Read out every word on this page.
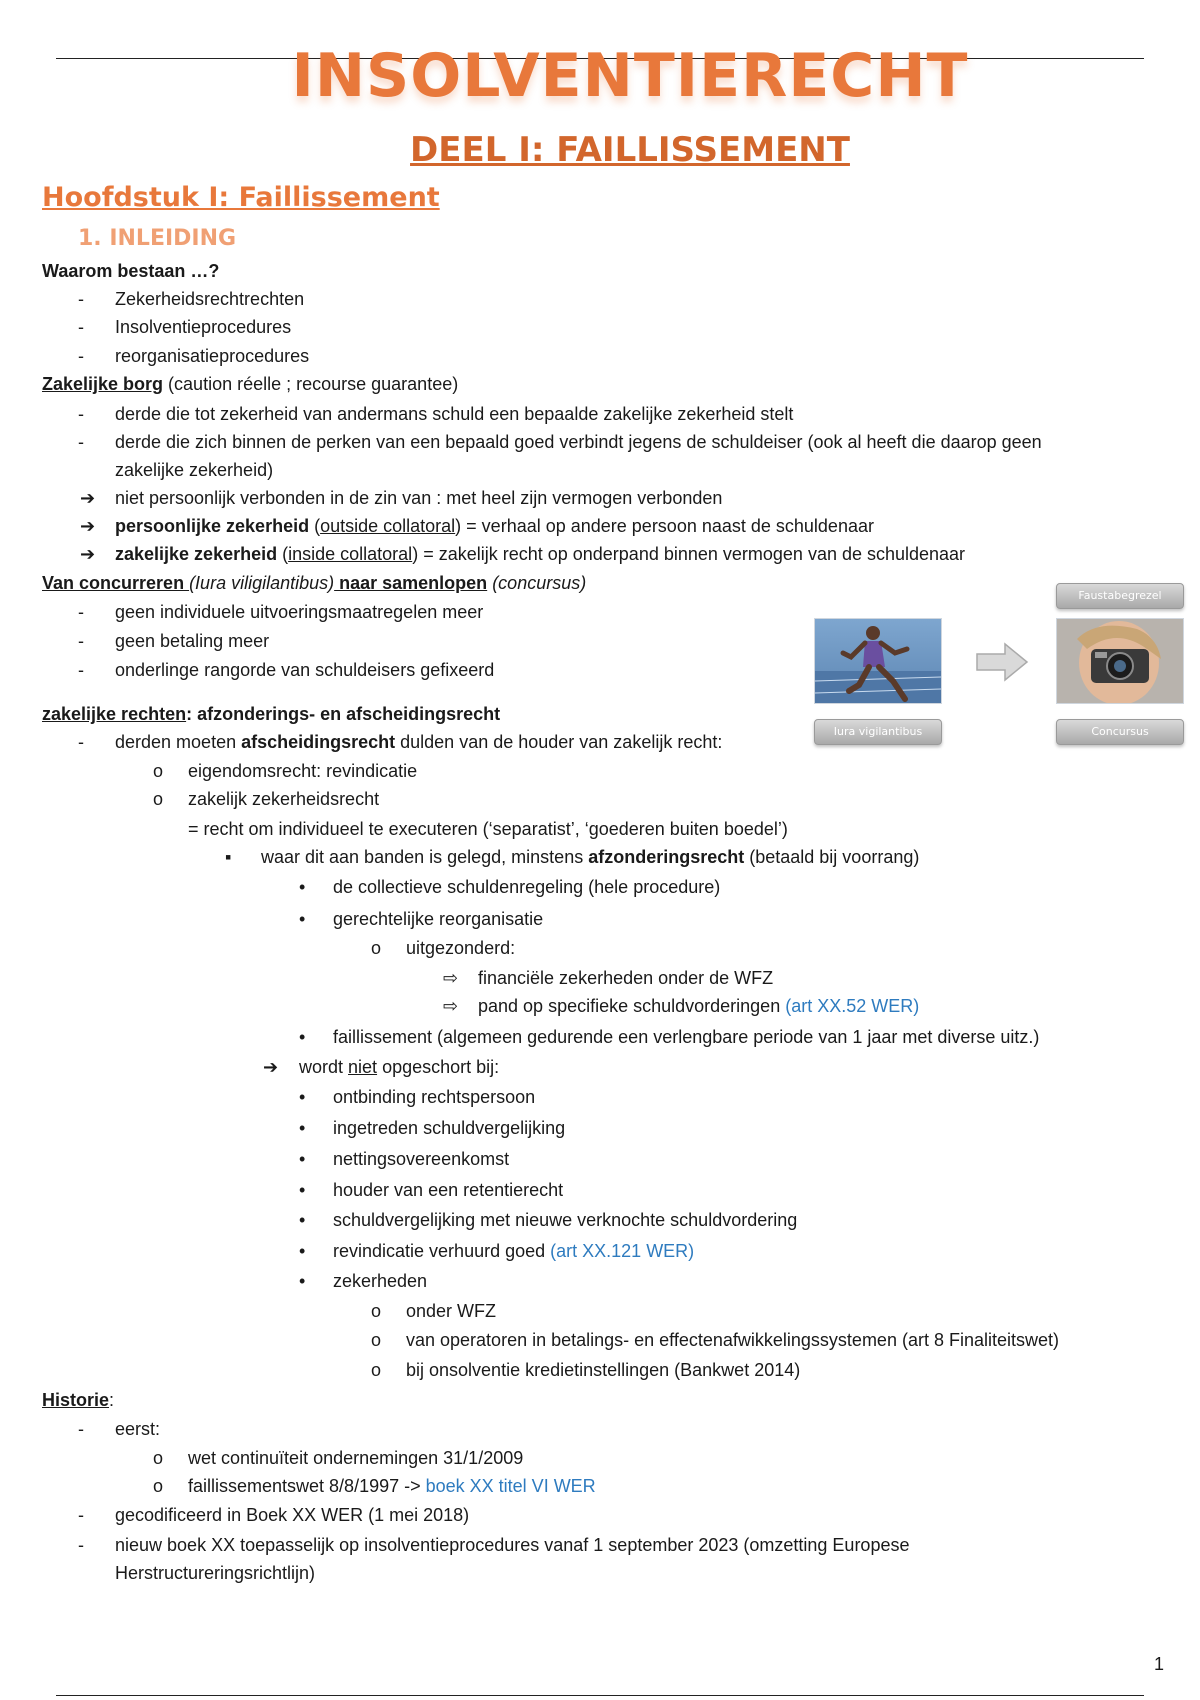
INSOLVENTIERECHT
DEEL I: FAILLISSEMENT
Hoofdstuk I: Faillissement
1. INLEIDING
Waarom bestaan …?
- Zekerheidsrechtrechten
- Insolventieprocedures
- reorganisatieprocedures
Zakelijke borg (caution réelle ; recourse guarantee)
- derde die tot zekerheid van andermans schuld een bepaalde zakelijke zekerheid stelt
- derde die zich binnen de perken van een bepaald goed verbindt jegens de schuldeiser (ook al heeft die daarop geen
zakelijke zekerheid)
➔ niet persoonlijk verbonden in de zin van : met heel zijn vermogen verbonden
➔ persoonlijke zekerheid (outside collatoral) = verhaal op andere persoon naast de schuldenaar
➔ zakelijke zekerheid (inside collatoral) = zakelijk recht op onderpand binnen vermogen van de schuldenaar
Van concurreren (Iura viligilantibus) naar samenlopen (concursus)
- geen individuele uitvoeringsmaatregelen meer
- geen betaling meer
- onderlinge rangorde van schuldeisers gefixeerd
Faustabegrezel
Iura vigilantibus	Concursus
zakelijke rechten: afzonderings- en afscheidingsrecht
- derden moeten afscheidingsrecht dulden van de houder van zakelijk recht:
o eigendomsrecht: revindicatie
o zakelijk zekerheidsrecht
= recht om individueel te executeren (‘separatist’, ‘goederen buiten boedel’)
▪ waar dit aan banden is gelegd, minstens afzonderingsrecht (betaald bij voorrang)
• de collectieve schuldenregeling (hele procedure)
• gerechtelijke reorganisatie
o uitgezonderd:
⇨ financiële zekerheden onder de WFZ
⇨ pand op specifieke schuldvorderingen (art XX.52 WER)
• faillissement (algemeen gedurende een verlengbare periode van 1 jaar met diverse uitz.)
➔ wordt niet opgeschort bij:
• ontbinding rechtspersoon
• ingetreden schuldvergelijking
• nettingsovereenkomst
• houder van een retentierecht
• schuldvergelijking met nieuwe verknochte schuldvordering
• revindicatie verhuurd goed (art XX.121 WER)
• zekerheden
o onder WFZ
o van operatoren in betalings- en effectenafwikkelingssystemen (art 8 Finaliteitswet)
o bij onsolventie kredietinstellingen (Bankwet 2014)
Historie:
- eerst:
o wet continuïteit ondernemingen 31/1/2009
o faillissementswet 8/8/1997 -> boek XX titel VI WER
- gecodificeerd in Boek XX WER (1 mei 2018)
- nieuw boek XX toepasselijk op insolventieprocedures vanaf 1 september 2023 (omzetting Europese
Herstructureringsrichtlijn)
1
